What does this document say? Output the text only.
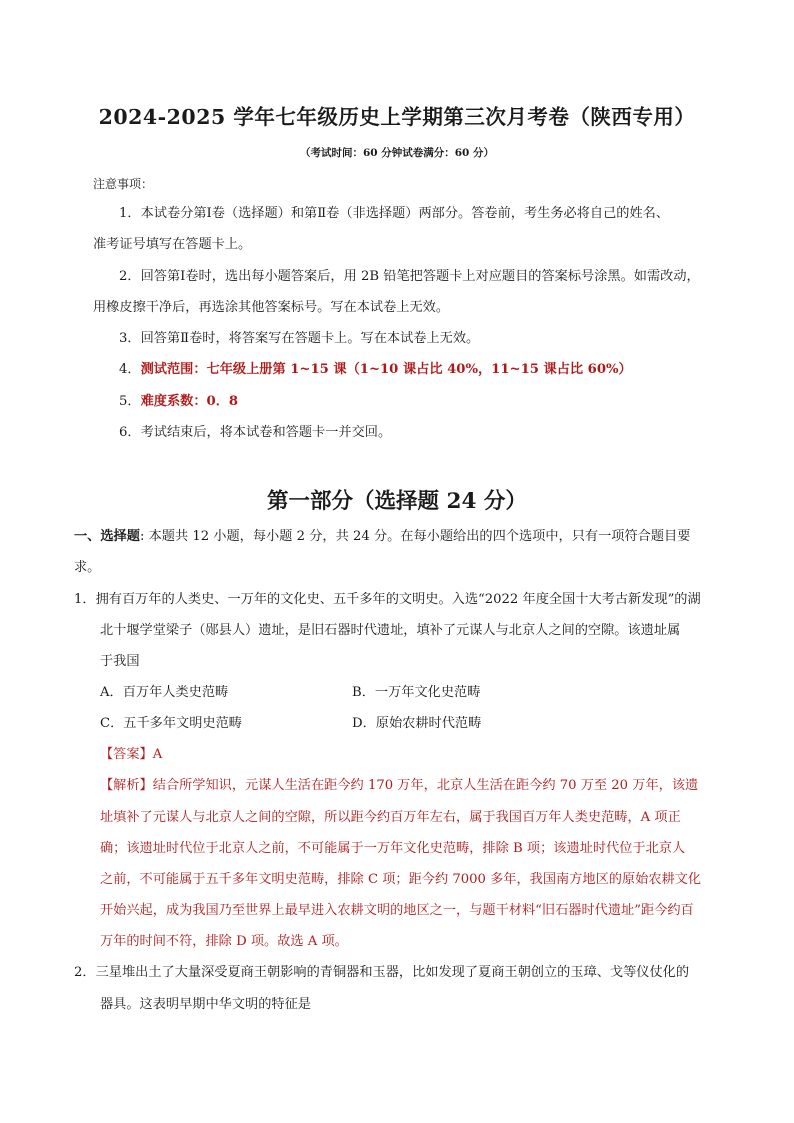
2024-2025 学年七年级历史上学期第三次月考卷（陕西专用）
（考试时间：60 分钟试卷满分：60 分）
注意事项：
1．本试卷分第Ⅰ卷（选择题）和第Ⅱ卷（非选择题）两部分。答卷前，考生务必将自己的姓名、
准考证号填写在答题卡上。
2．回答第Ⅰ卷时，选出每小题答案后，用 2B 铅笔把答题卡上对应题目的答案标号涂黑。如需改动，
用橡皮擦干净后，再选涂其他答案标号。写在本试卷上无效。
3．回答第Ⅱ卷时，将答案写在答题卡上。写在本试卷上无效。
4．测试范围：七年级上册第 1~15 课（1~10 课占比 40%，11~15 课占比 60%）
5．难度系数：0．8
6．考试结束后，将本试卷和答题卡一并交回。
第一部分（选择题 24 分）
一、选择题: 本题共 12 小题，每小题 2 分，共 24 分。在每小题给出的四个选项中，只有一项符合题目要
求。
1．拥有百万年的人类史、一万年的文化史、五千多年的文明史。入选“2022 年度全国十大考古新发现”的湖
北十堰学堂梁子（郧县人）遗址，是旧石器时代遗址，填补了元谋人与北京人之间的空隙。该遗址属
于我国
A．百万年人类史范畴	B．一万年文化史范畴
C．五千多年文明史范畴	D．原始农耕时代范畴
【答案】A
【解析】结合所学知识，元谋人生活在距今约 170 万年，北京人生活在距今约 70 万至 20 万年，该遗
址填补了元谋人与北京人之间的空隙，所以距今约百万年左右，属于我国百万年人类史范畴，A 项正
确；该遗址时代位于北京人之前，不可能属于一万年文化史范畴，排除 B 项；该遗址时代位于北京人
之前，不可能属于五千多年文明史范畴，排除 C 项；距今约 7000 多年，我国南方地区的原始农耕文化
开始兴起，成为我国乃至世界上最早进入农耕文明的地区之一，与题干材料“旧石器时代遗址”距今约百
万年的时间不符，排除 D 项。故选 A 项。
2．三星堆出土了大量深受夏商王朝影响的青铜器和玉器，比如发现了夏商王朝创立的玉璋、戈等仪仗化的
器具。这表明早期中华文明的特征是
